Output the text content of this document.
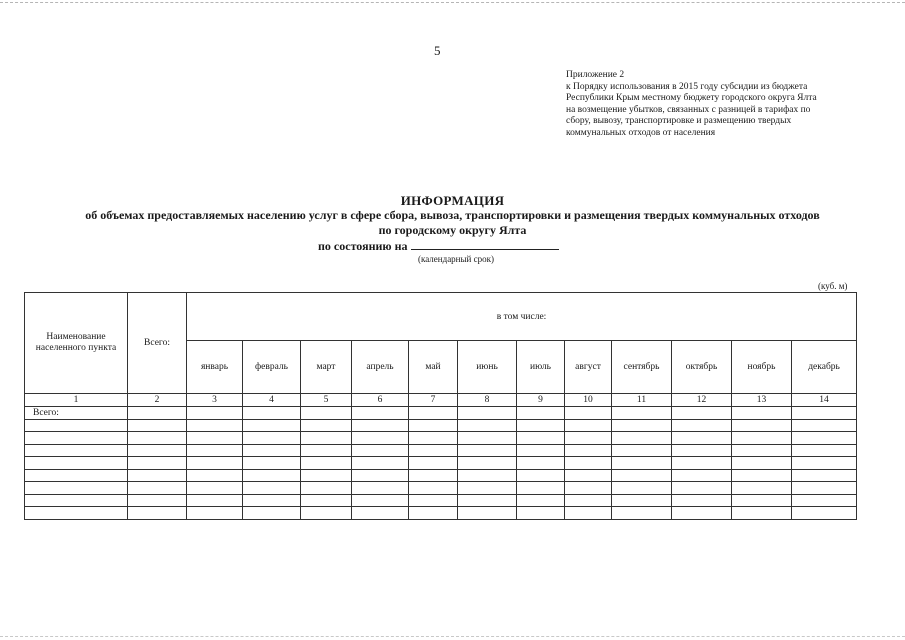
5
Приложение 2
к Порядку использования в 2015 году субсидии из бюджета
Республики Крым местному бюджету городского округа Ялта
на возмещение убытков, связанных с разницей в тарифах по
сбору, вывозу, транспортировке и размещению твердых
коммунальных отходов от населения
ИНФОРМАЦИЯ
об объемах предоставляемых населению услуг в сфере сбора, вывоза, транспортировки и размещения твердых коммунальных отходов
по городскому округу Ялта
по состоянию на
(календарный срок)
(куб. м)
Наименование населенного пункта	Всего:	в том числе:											
		январь	февраль	март	апрель	май	июнь	июль	август	сентябрь	октябрь	ноябрь	декабрь
1	2	3	4	5	6	7	8	9	10	11	12	13	14
Всего:													
